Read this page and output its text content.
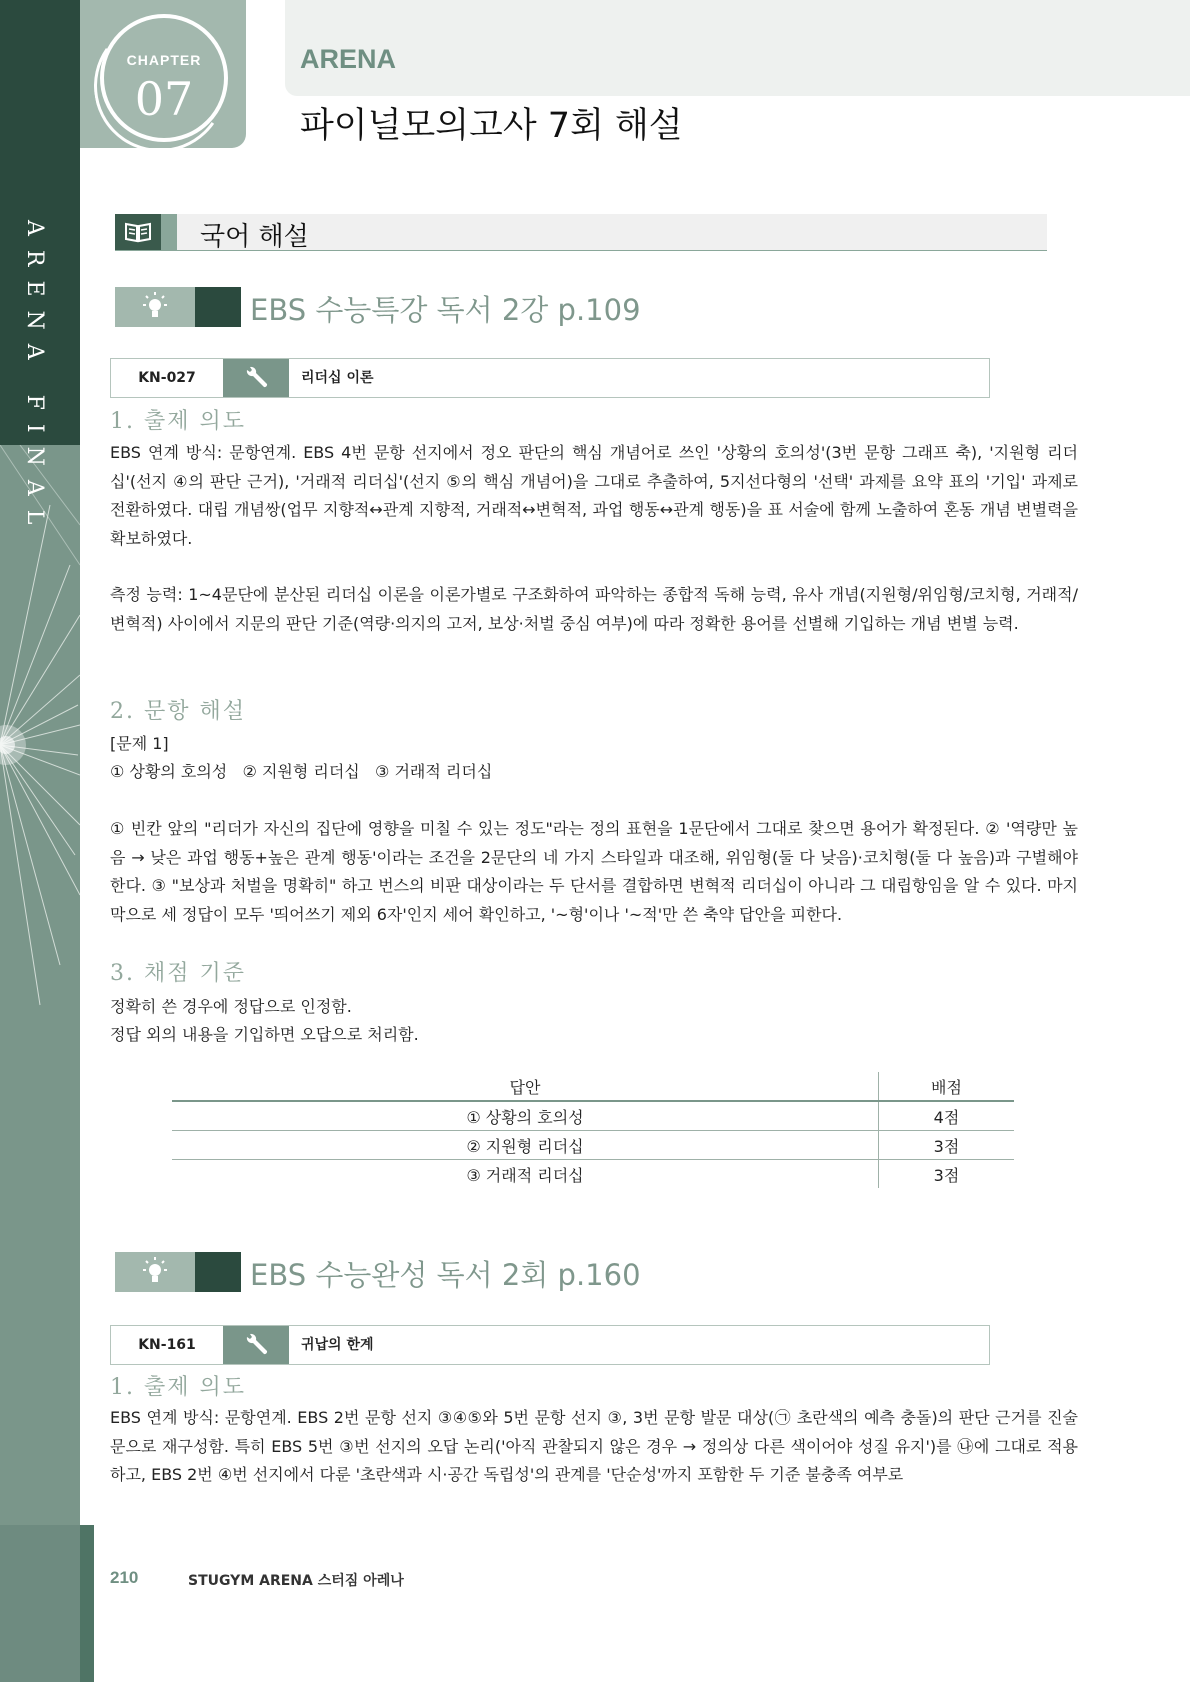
ARENA FINAL
CHAPTER
07
ARENA
파이널모의고사 7회 해설
국어 해설
EBS 수능특강 독서 2강 p.109
KN-027	리더십 이론
1. 출제 의도

EBS 연계 방식: 문항연계. EBS 4번 문항 선지에서 정오 판단의 핵심 개념어로 쓰인 '상황의 호의성'(3번 문항 그래프 축), '지원형 리더십'(선지 ④의 판단 근거), '거래적 리더십'(선지 ⑤의 핵심 개념어)을 그대로 추출하여, 5지선다형의 '선택' 과제를 요약 표의 '기입' 과제로 전환하였다. 대립 개념쌍(업무 지향적↔관계 지향적, 거래적↔변혁적, 과업 행동↔관계 행동)을 표 서술에 함께 노출하여 혼동 개념 변별력을 확보하였다.

측정 능력: 1~4문단에 분산된 리더십 이론을 이론가별로 구조화하여 파악하는 종합적 독해 능력, 유사 개념(지원형/위임형/코치형, 거래적/변혁적) 사이에서 지문의 판단 기준(역량·의지의 고저, 보상·처벌 중심 여부)에 따라 정확한 용어를 선별해 기입하는 개념 변별 능력.

2. 문항 해설

[문제 1]

① 상황의 호의성   ② 지원형 리더십   ③ 거래적 리더십

① 빈칸 앞의 "리더가 자신의 집단에 영향을 미칠 수 있는 정도"라는 정의 표현을 1문단에서 그대로 찾으면 용어가 확정된다. ② '역량만 높음 → 낮은 과업 행동+높은 관계 행동'이라는 조건을 2문단의 네 가지 스타일과 대조해, 위임형(둘 다 낮음)·코치형(둘 다 높음)과 구별해야 한다. ③ "보상과 처벌을 명확히" 하고 번스의 비판 대상이라는 두 단서를 결합하면 변혁적 리더십이 아니라 그 대립항임을 알 수 있다. 마지막으로 세 정답이 모두 '띄어쓰기 제외 6자'인지 세어 확인하고, '~형'이나 '~적'만 쓴 축약 답안을 피한다.

3. 채점 기준

정확히 쓴 경우에 정답으로 인정함.

정답 외의 내용을 기입하면 오답으로 처리함.

답안	배점
① 상황의 호의성	4점
② 지원형 리더십	3점
③ 거래적 리더십	3점
EBS 수능완성 독서 2회 p.160
KN-161	귀납의 한계
1. 출제 의도

EBS 연계 방식: 문항연계. EBS 2번 문항 선지 ③④⑤와 5번 문항 선지 ③, 3번 문항 발문 대상(㉠ 초란색의 예측 충돌)의 판단 근거를 진술문으로 재구성함. 특히 EBS 5번 ③번 선지의 오답 논리('아직 관찰되지 않은 경우 → 정의상 다른 색이어야 성질 유지')를 ㉯에 그대로 적용하고, EBS 2번 ④번 선지에서 다룬 '초란색과 시·공간 독립성'의 관계를 '단순성'까지 포함한 두 기준 불충족 여부로

210	STUGYM ARENA 스터짐 아레나
